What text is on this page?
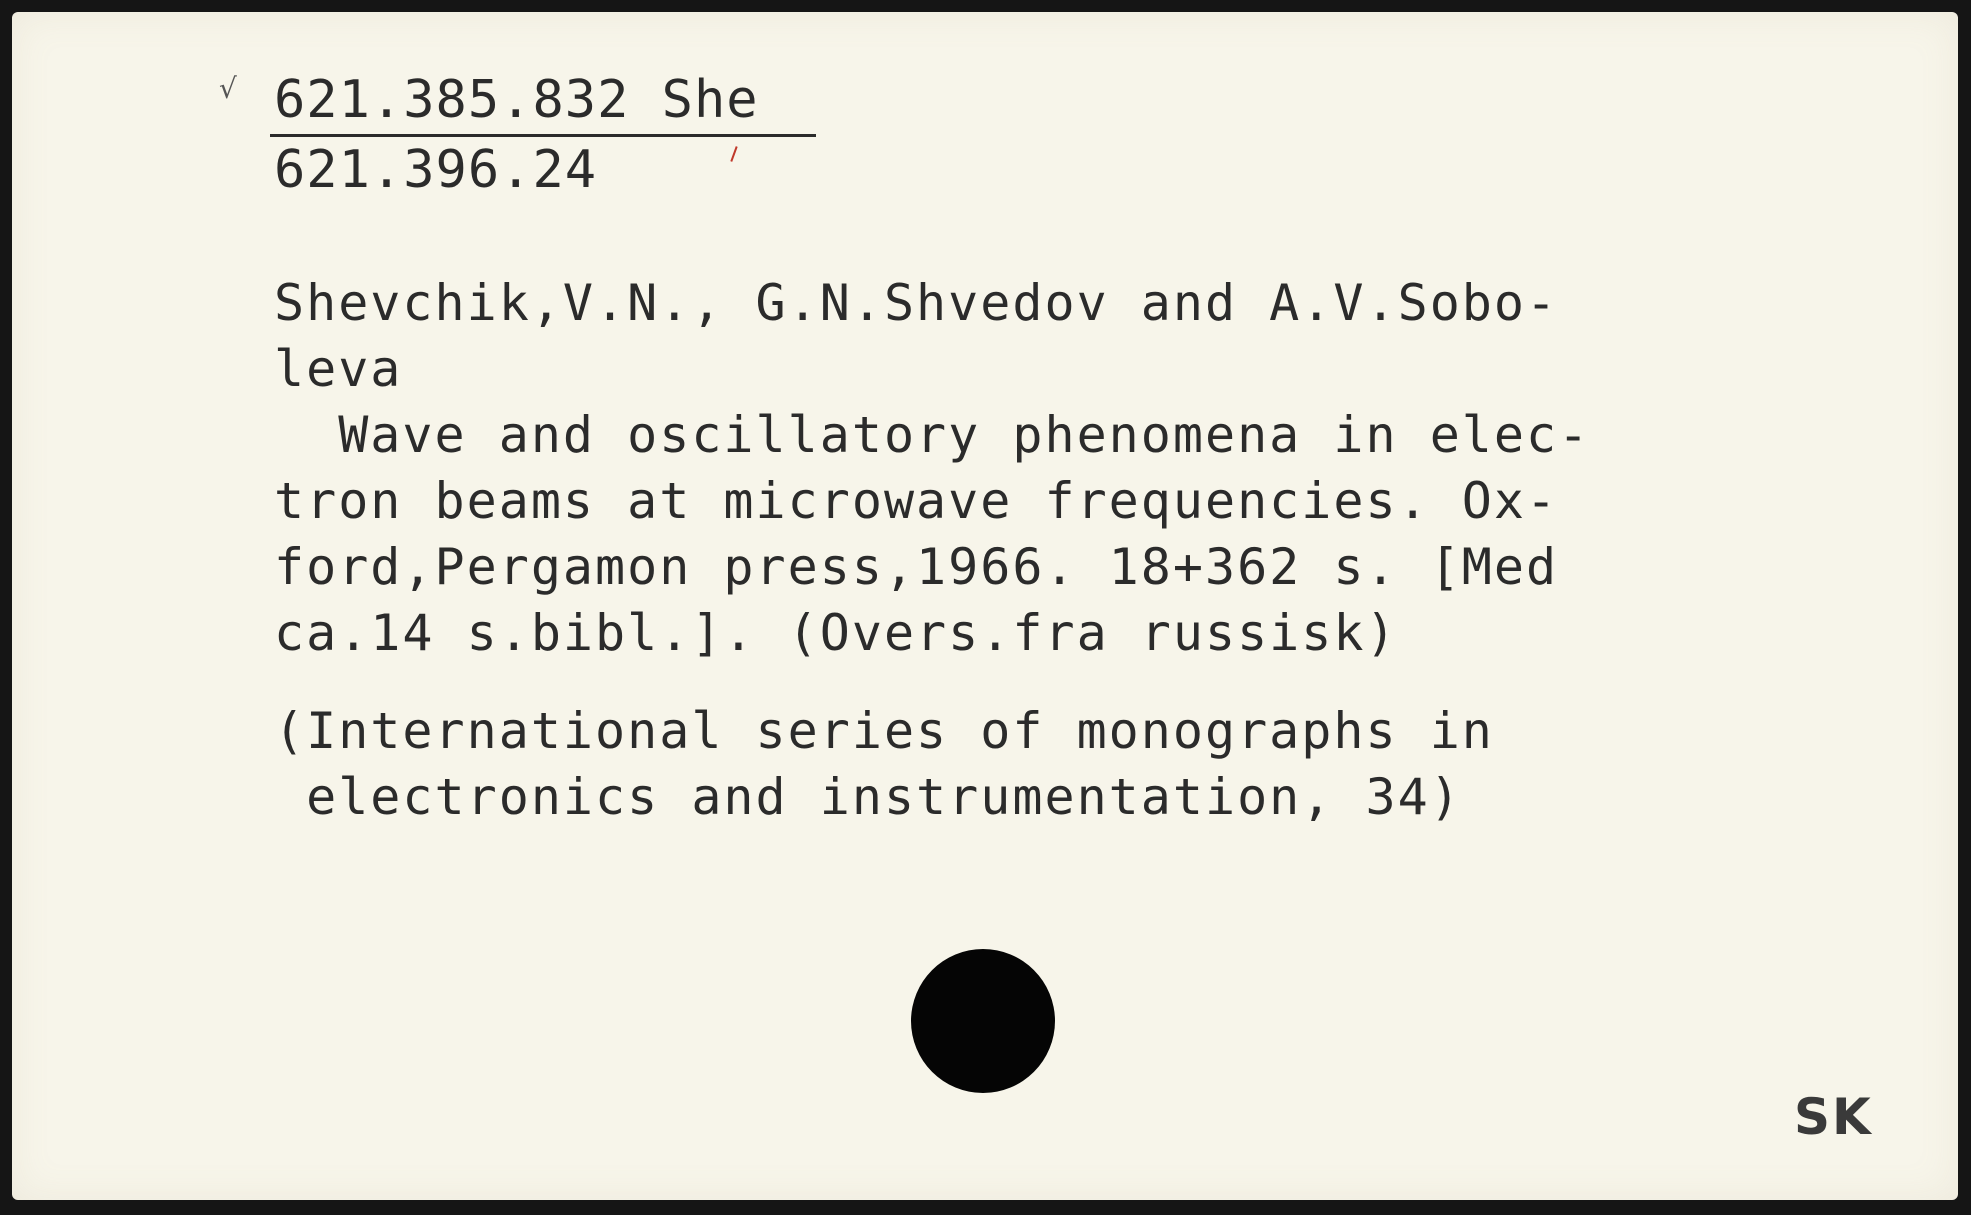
√ 621.385.832 She
621.396.24
Shevchik,V.N., G.N.Shvedov and A.V.Sobo-
leva
Wave and oscillatory phenomena in elec-
tron beams at microwave frequencies. Ox-
ford,Pergamon press,1966. 18+362 s. [Med
ca.14 s.bibl.]. (Overs.fra russisk)
(International series of monographs in
electronics and instrumentation, 34)
SK
